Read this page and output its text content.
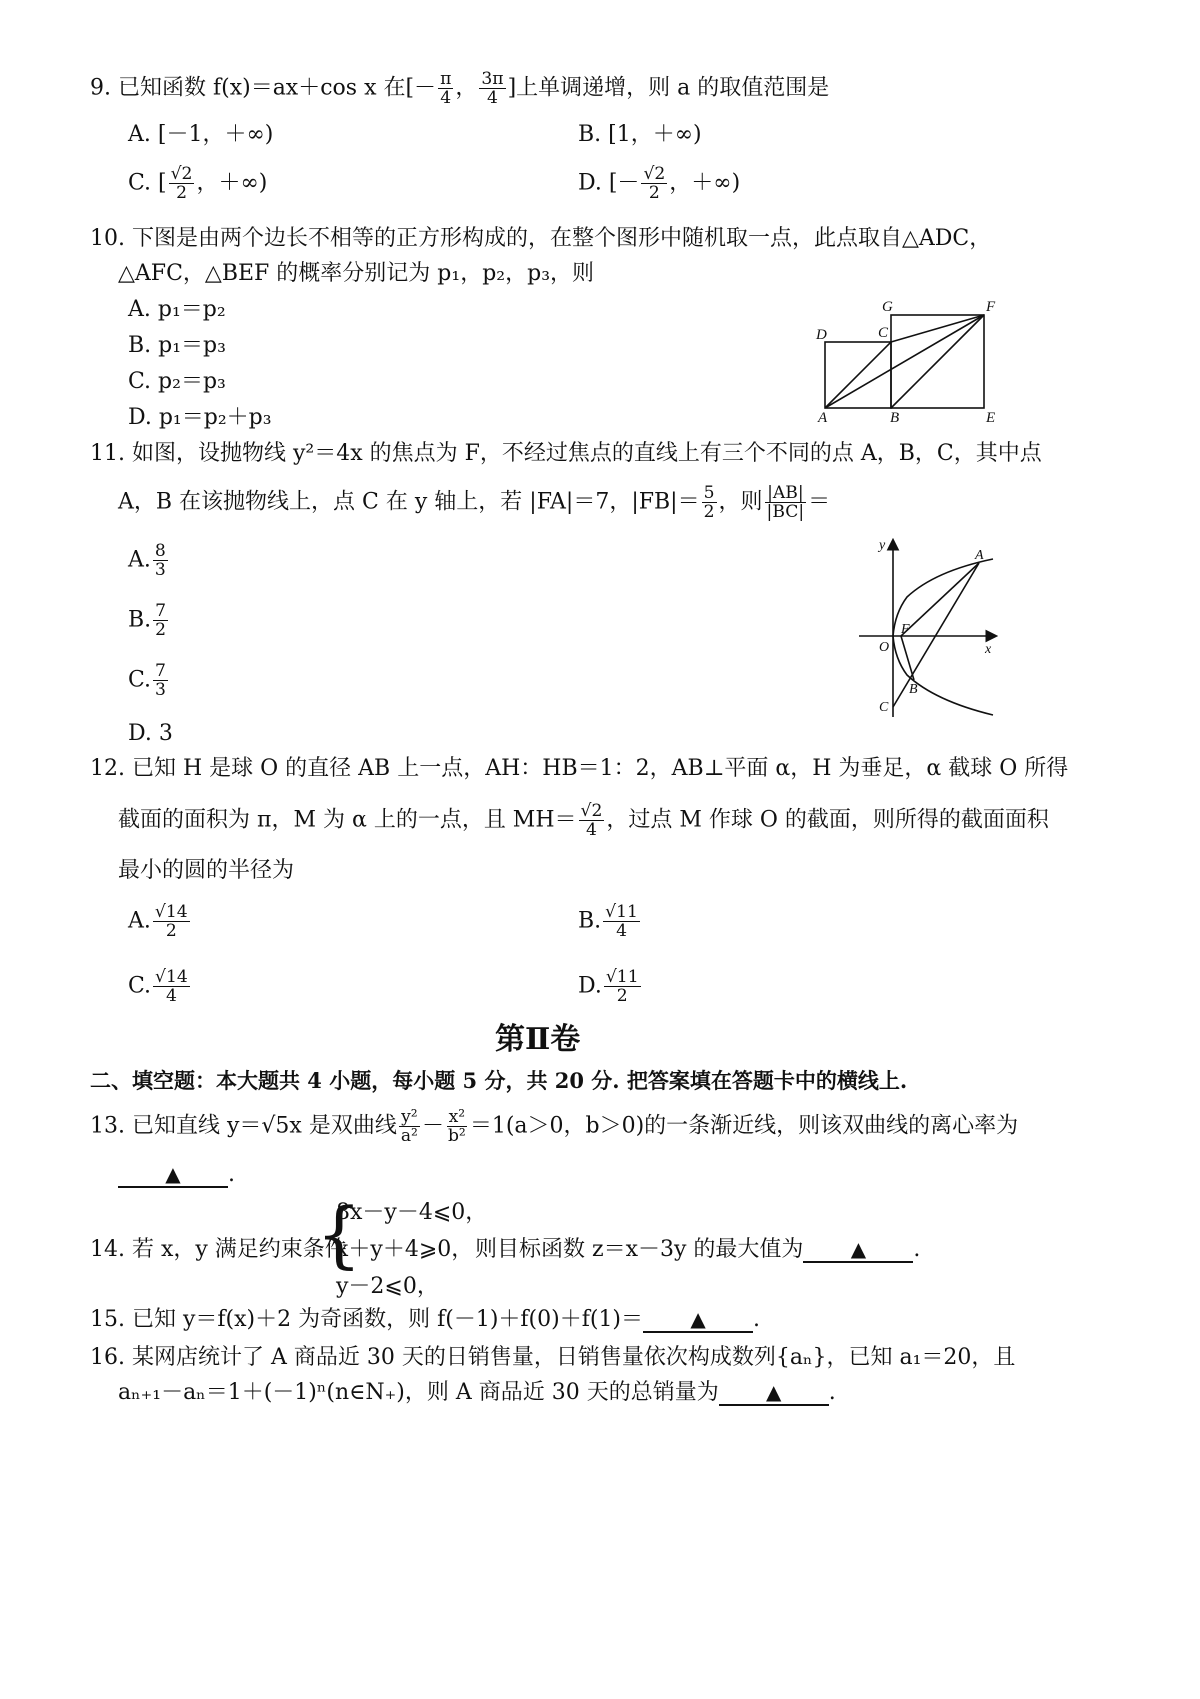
9. 已知函数 f(x)＝ax＋cos x 在[－ $\frac{\pi}{4}$ ， $\frac{3\pi}{4}$ ]上单调递增，则 a 的取值范围是
A. [－1，＋∞)	B. [1，＋∞)
C. [ $\frac{√2}{2}$ ，＋∞)	D. [－ $\frac{√2}{2}$ ，＋∞)
10. 下图是由两个边长不相等的正方形构成的，在整个图形中随机取一点，此点取自△ADC，
△AFC，△BEF 的概率分别记为 p₁，p₂，p₃，则
A. p₁＝p₂
B. p₁＝p₃
C. p₂＝p₃
D. p₁＝p₂＋p₃
G	F
D	C
A	B	E
11. 如图，设抛物线 y²＝4x 的焦点为 F，不经过焦点的直线上有三个不同的点 A，B，C，其中点
A，B 在该抛物线上，点 C 在 y 轴上，若 |FA|＝7，$|FB|= \frac{5}{2}$ ，则 $\frac{|AB|}{|BC|}$ ＝
A. $\frac{8}{3}$
B. $\frac{7}{2}$
C. $\frac{7}{3}$
D. 3
y
A
F
O	x
B
C
12. 已知 H 是球 O 的直径 AB 上一点，AH：HB＝1：2，AB⊥平面 α，H 为垂足，α 截球 O 所得
截面的面积为 π，M 为 α 上的一点，且 $MH= \frac{√2}{4}$ ，过点 M 作球 O 的截面，则所得的截面面积
最小的圆的半径为
A. $\frac{√14}{2}$	B. $\frac{√11}{4}$
C. $\frac{√14}{4}$	D. $\frac{√11}{2}$
第Ⅱ卷
二、填空题：本大题共 4 小题，每小题 5 分，共 20 分. 把答案填在答题卡中的横线上.
13. 已知直线 y＝√5x 是双曲线 $\frac{\text{y²}}{\text{a²}} - \frac{\text{x²}}{\text{b²}} =1(a>0$，b＞0)的一条渐近线，则该双曲线的离心率为
▲ .
14. 若 x，y 满足约束条件
{
8x－y－4⩽0，
x＋y＋4⩾0，
y－2⩽0，
则目标函数 z＝x－3y 的最大值为 ▲ .
15. 已知 y＝f(x)＋2 为奇函数，则 f(－1)＋f(0)＋f(1)＝ ▲ .
16. 某网店统计了 A 商品近 30 天的日销售量，日销售量依次构成数列{aₙ}，已知 a₁＝20，且
aₙ₊₁－aₙ＝1＋(－1)ⁿ(n∈N₊)，则 A 商品近 30 天的总销量为 ▲ .
